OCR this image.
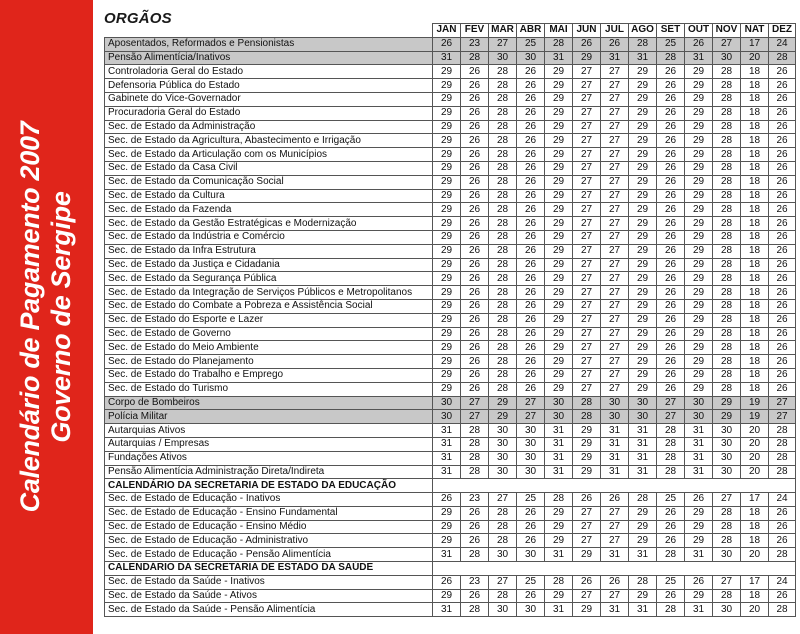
Calendário de Pagamento 2007 Governo de Sergipe
ORGÃOS
	JAN	FEV	MAR	ABR	MAI	JUN	JUL	AGO	SET	OUT	NOV	NAT	DEZ
Aposentados, Reformados e Pensionistas	26	23	27	25	28	26	26	28	25	26	27	17	24
Pensão Alimentícia/Inativos	31	28	30	30	31	29	31	31	28	31	30	20	28
Controladoria Geral do Estado	29	26	28	26	29	27	27	29	26	29	28	18	26
Defensoria Pública do Estado	29	26	28	26	29	27	27	29	26	29	28	18	26
Gabinete do Vice-Governador	29	26	28	26	29	27	27	29	26	29	28	18	26
Procuradoria Geral do Estado	29	26	28	26	29	27	27	29	26	29	28	18	26
Sec. de Estado da Administração	29	26	28	26	29	27	27	29	26	29	28	18	26
Sec. de Estado da Agricultura, Abastecimento e Irrigação	29	26	28	26	29	27	27	29	26	29	28	18	26
Sec. de Estado da Articulação com os Municípios	29	26	28	26	29	27	27	29	26	29	28	18	26
Sec. de Estado da Casa Civil	29	26	28	26	29	27	27	29	26	29	28	18	26
Sec. de Estado da Comunicação Social	29	26	28	26	29	27	27	29	26	29	28	18	26
Sec. de Estado da Cultura	29	26	28	26	29	27	27	29	26	29	28	18	26
Sec. de Estado da Fazenda	29	26	28	26	29	27	27	29	26	29	28	18	26
Sec. de Estado da Gestão Estratégicas e Modernização	29	26	28	26	29	27	27	29	26	29	28	18	26
Sec. de Estado da Indústria e Comércio	29	26	28	26	29	27	27	29	26	29	28	18	26
Sec. de Estado da Infra Estrutura	29	26	28	26	29	27	27	29	26	29	28	18	26
Sec. de Estado da Justiça e Cidadania	29	26	28	26	29	27	27	29	26	29	28	18	26
Sec. de Estado da Segurança Pública	29	26	28	26	29	27	27	29	26	29	28	18	26
Sec. de Estado da Integração de Serviços Públicos e Metropolitanos	29	26	28	26	29	27	27	29	26	29	28	18	26
Sec. de Estado do Combate a Pobreza e Assistência Social	29	26	28	26	29	27	27	29	26	29	28	18	26
Sec. de Estado do Esporte e Lazer	29	26	28	26	29	27	27	29	26	29	28	18	26
Sec. de Estado de Governo	29	26	28	26	29	27	27	29	26	29	28	18	26
Sec. de Estado do Meio Ambiente	29	26	28	26	29	27	27	29	26	29	28	18	26
Sec. de Estado do Planejamento	29	26	28	26	29	27	27	29	26	29	28	18	26
Sec. de Estado do Trabalho e Emprego	29	26	28	26	29	27	27	29	26	29	28	18	26
Sec. de Estado do Turismo	29	26	28	26	29	27	27	29	26	29	28	18	26
Corpo de Bombeiros	30	27	29	27	30	28	30	30	27	30	29	19	27
Polícia Militar	30	27	29	27	30	28	30	30	27	30	29	19	27
Autarquias Ativos	31	28	30	30	31	29	31	31	28	31	30	20	28
Autarquias / Empresas	31	28	30	30	31	29	31	31	28	31	30	20	28
Fundações Ativos	31	28	30	30	31	29	31	31	28	31	30	20	28
Pensão Alimentícia Administração Direta/Indireta	31	28	30	30	31	29	31	31	28	31	30	20	28
CALENDÁRIO DA SECRETARIA DE ESTADO DA EDUCAÇÃO													
Sec. de Estado de Educação - Inativos	26	23	27	25	28	26	26	28	25	26	27	17	24
Sec. de Estado de Educação - Ensino Fundamental	29	26	28	26	29	27	27	29	26	29	28	18	26
Sec. de Estado de Educação - Ensino Médio	29	26	28	26	29	27	27	29	26	29	28	18	26
Sec. de Estado de Educação - Administrativo	29	26	28	26	29	27	27	29	26	29	28	18	26
Sec. de Estado de Educação - Pensão Alimentícia	31	28	30	30	31	29	31	31	28	31	30	20	28
CALENDÁRIO DA SECRETARIA DE ESTADO DA SAÚDE													
Sec. de Estado da Saúde - Inativos	26	23	27	25	28	26	26	28	25	26	27	17	24
Sec. de Estado da Saúde - Ativos	29	26	28	26	29	27	27	29	26	29	28	18	26
Sec. de Estado da Saúde - Pensão Alimentícia	31	28	30	30	31	29	31	31	28	31	30	20	28
